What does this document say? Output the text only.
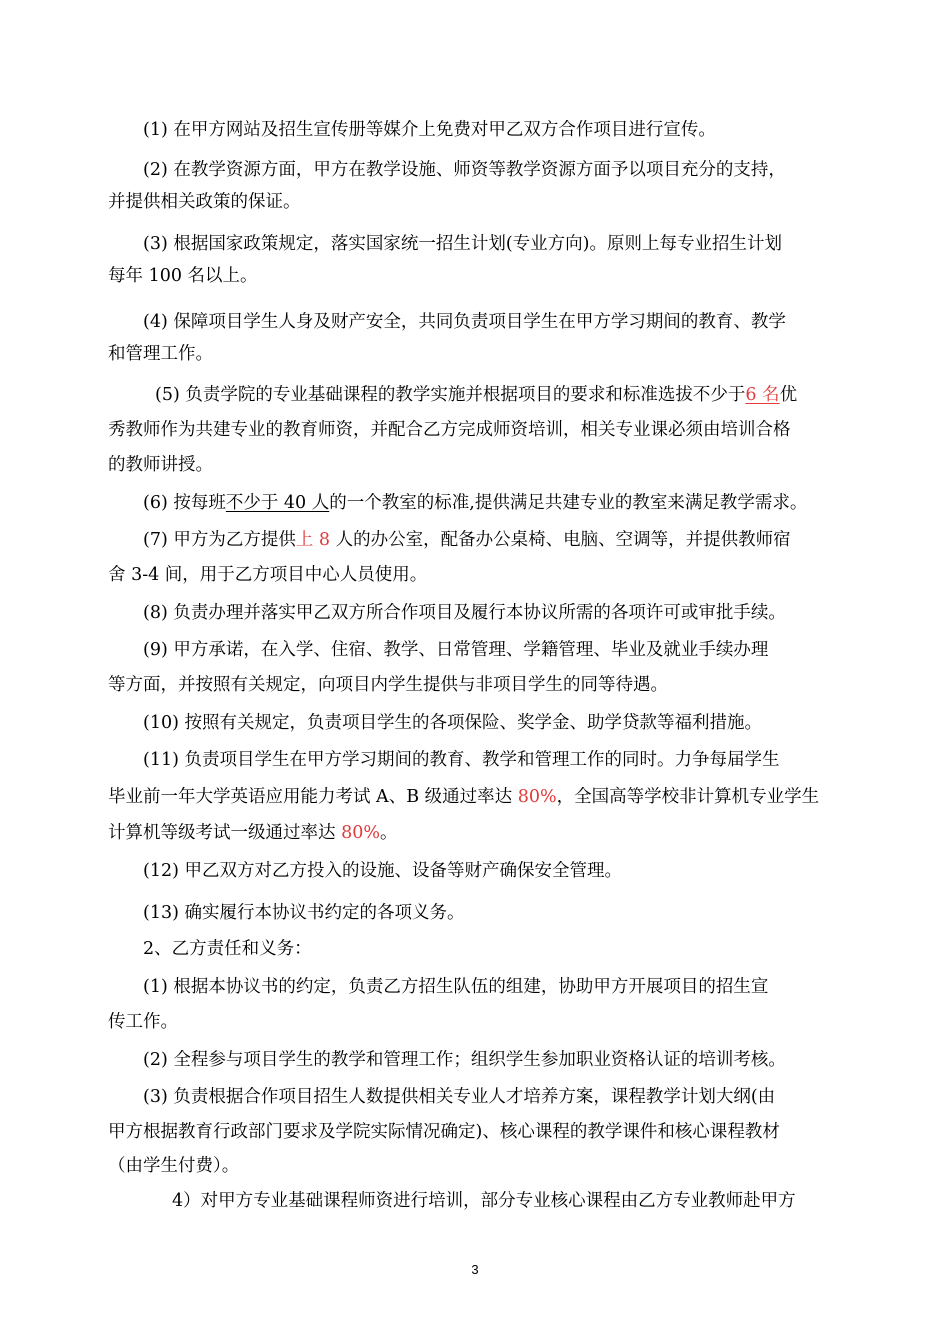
(1) 在甲方网站及招生宣传册等媒介上免费对甲乙双方合作项目进行宣传。
(2) 在教学资源方面，甲方在教学设施、师资等教学资源方面予以项目充分的支持，
并提供相关政策的保证。
(3) 根据国家政策规定，落实国家统一招生计划(专业方向)。原则上每专业招生计划
每年 100 名以上。
(4) 保障项目学生人身及财产安全，共同负责项目学生在甲方学习期间的教育、教学
和管理工作。
(5) 负责学院的专业基础课程的教学实施并根据项目的要求和标准选拔不少于6 名优
秀教师作为共建专业的教育师资，并配合乙方完成师资培训，相关专业课必须由培训合格
的教师讲授。
(6) 按每班不少于 40 人的一个教室的标准,提供满足共建专业的教室来满足教学需求。
(7) 甲方为乙方提供上 8 人的办公室，配备办公桌椅、电脑、空调等，并提供教师宿
舍 3-4 间，用于乙方项目中心人员使用。
(8) 负责办理并落实甲乙双方所合作项目及履行本协议所需的各项许可或审批手续。
(9) 甲方承诺，在入学、住宿、教学、日常管理、学籍管理、毕业及就业手续办理
等方面，并按照有关规定，向项目内学生提供与非项目学生的同等待遇。
(10) 按照有关规定，负责项目学生的各项保险、奖学金、助学贷款等福利措施。
(11) 负责项目学生在甲方学习期间的教育、教学和管理工作的同时。力争每届学生
毕业前一年大学英语应用能力考试 A、B 级通过率达 80%，全国高等学校非计算机专业学生
计算机等级考试一级通过率达 80%。
(12) 甲乙双方对乙方投入的设施、设备等财产确保安全管理。
(13) 确实履行本协议书约定的各项义务。
2、乙方责任和义务：
(1) 根据本协议书的约定，负责乙方招生队伍的组建，协助甲方开展项目的招生宣
传工作。
(2) 全程参与项目学生的教学和管理工作；组织学生参加职业资格认证的培训考核。
(3) 负责根据合作项目招生人数提供相关专业人才培养方案，课程教学计划大纲(由
甲方根据教育行政部门要求及学院实际情况确定)、核心课程的教学课件和核心课程教材
（由学生付费）。
4）对甲方专业基础课程师资进行培训，部分专业核心课程由乙方专业教师赴甲方
3
